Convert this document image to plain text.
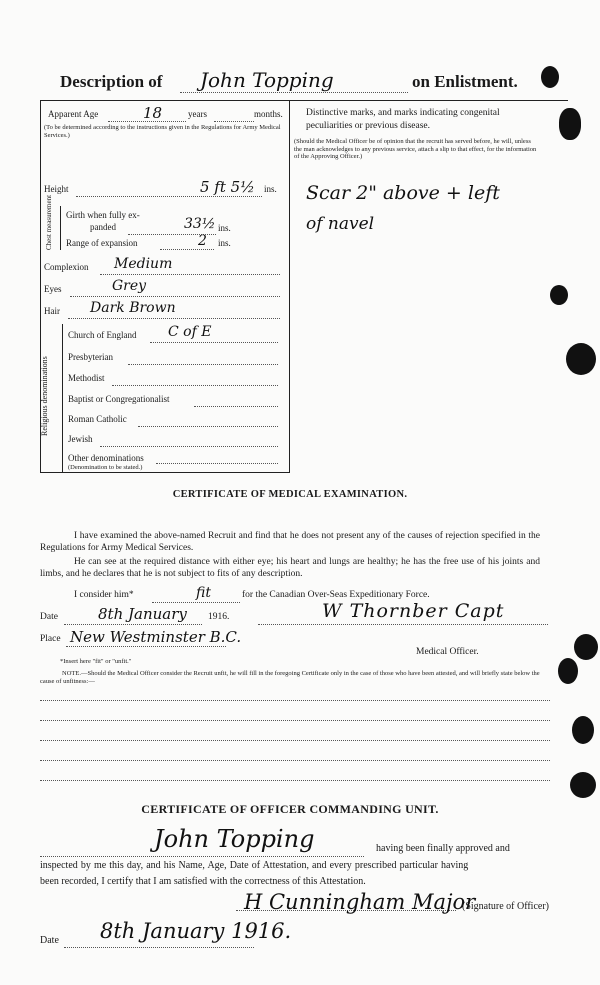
Description of John Topping	on Enlistment.
Apparent Age	18	years	months.
(To be determined according to the instructions given in the Regulations for Army Medical Services.)
Height	5 ft 5½ ins.
Chest measurement Girth when fully ex-
panded	33½ ins.
Range of expansion	2 ins.
Complexion Medium
Eyes	Grey
Hair Dark Brown
Religious denominations
Church of England C of E
Presbyterian
Methodist
Baptist or Congregationalist
Roman Catholic
Jewish
Other denominations
(Denomination to be stated.)
Distinctive marks, and marks indicating congenital
peculiarities or previous disease.
(Should the Medical Officer be of opinion that the recruit has served before, he will, unless the man acknowledges to any previous service, attach a slip to that effect, for the information of the Approving Officer.)
Scar 2" above + left
of navel
CERTIFICATE OF MEDICAL EXAMINATION.
I have examined the above-named Recruit and find that he does not present any of the causes of rejection specified in the Regulations for Army Medical Services.
He can see at the required distance with either eye; his heart and lungs are healthy; he has the free use of his joints and limbs, and he declares that he is not subject to fits of any description.
I consider him*	fit	for the Canadian Over-Seas Expeditionary Force.
Date	8th January 1916.	W Thornber Capt
Place New Westminster B.C.
Medical Officer.
*Insert here "fit" or "unfit."
NOTE.—Should the Medical Officer consider the Recruit unfit, he will fill in the foregoing Certificate only in the case of those who have been attested, and will briefly state below the cause of unfitness:—
CERTIFICATE OF OFFICER COMMANDING UNIT.
John Topping	having been finally approved and
inspected by me this day, and his Name, Age, Date of Attestation, and every prescribed particular having
been recorded, I certify that I am satisfied with the correctness of this Attestation.
H Cunningham Major
(Signature of Officer)
Date 8th January 1916.
